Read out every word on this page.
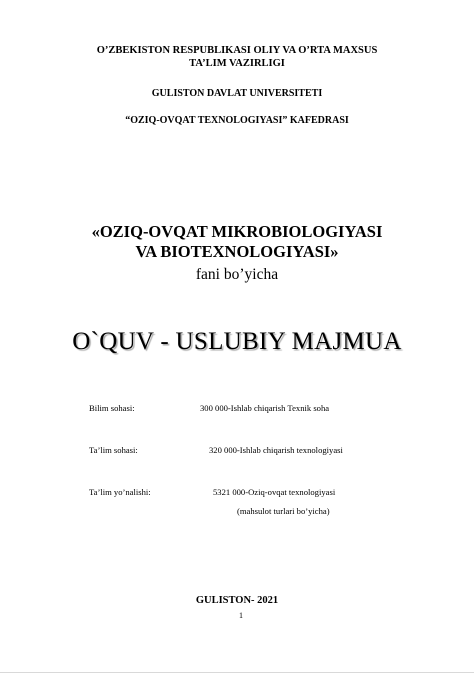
O’ZBEKISTON RESPUBLIKASI OLIY VA O’RTA MAXSUS
TA’LIM VAZIRLIGI
GULISTON DAVLAT UNIVERSITETI
“OZIQ-OVQAT TEXNOLOGIYASI” KAFEDRASI
«OZIQ-OVQAT MIKROBIOLOGIYASI
VA BIOTEXNOLOGIYASI»
fani bo’yicha
O`QUV - USLUBIY MAJMUA
Bilim sohasi:	300 000-Ishlab chiqarish Texnik soha
Ta’lim sohasi:	320 000-Ishlab chiqarish texnologiyasi
Ta’lim yo’nalishi:	5321 000-Oziq-ovqat texnologiyasi
(mahsulot turlari bo’yicha)
GULISTON- 2021
1
